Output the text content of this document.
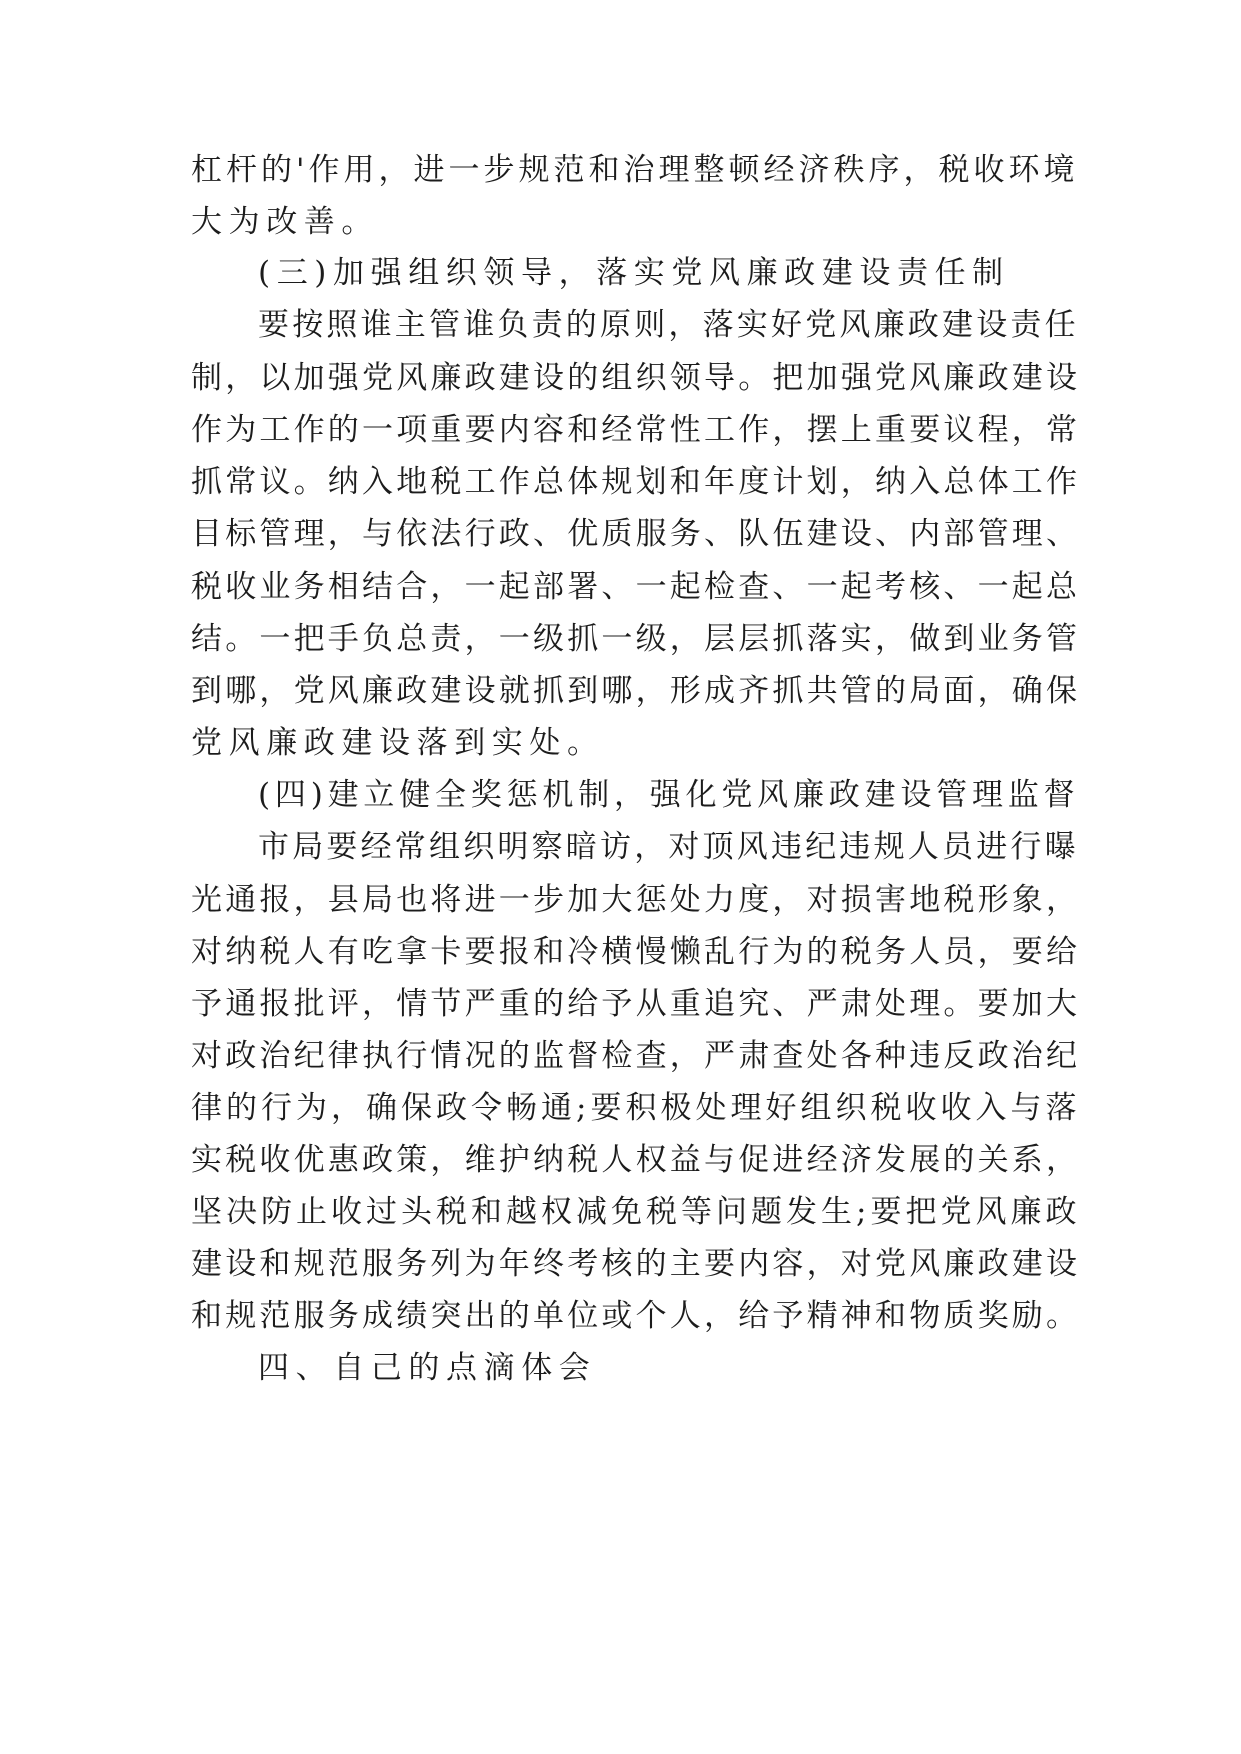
杠杆的'作用，进一步规范和治理整顿经济秩序，税收环境
大为改善。
(三)加强组织领导，落实党风廉政建设责任制
要按照谁主管谁负责的原则，落实好党风廉政建设责任
制，以加强党风廉政建设的组织领导。把加强党风廉政建设
作为工作的一项重要内容和经常性工作，摆上重要议程，常
抓常议。纳入地税工作总体规划和年度计划，纳入总体工作
目标管理，与依法行政、优质服务、队伍建设、内部管理、
税收业务相结合，一起部署、一起检查、一起考核、一起总
结。一把手负总责，一级抓一级，层层抓落实，做到业务管
到哪，党风廉政建设就抓到哪，形成齐抓共管的局面，确保
党风廉政建设落到实处。
(四)建立健全奖惩机制，强化党风廉政建设管理监督
市局要经常组织明察暗访，对顶风违纪违规人员进行曝
光通报，县局也将进一步加大惩处力度，对损害地税形象，
对纳税人有吃拿卡要报和冷横慢懒乱行为的税务人员，要给
予通报批评，情节严重的给予从重追究、严肃处理。要加大
对政治纪律执行情况的监督检查，严肃查处各种违反政治纪
律的行为，确保政令畅通;要积极处理好组织税收收入与落
实税收优惠政策，维护纳税人权益与促进经济发展的关系，
坚决防止收过头税和越权减免税等问题发生;要把党风廉政
建设和规范服务列为年终考核的主要内容，对党风廉政建设
和规范服务成绩突出的单位或个人，给予精神和物质奖励。
四、自己的点滴体会
